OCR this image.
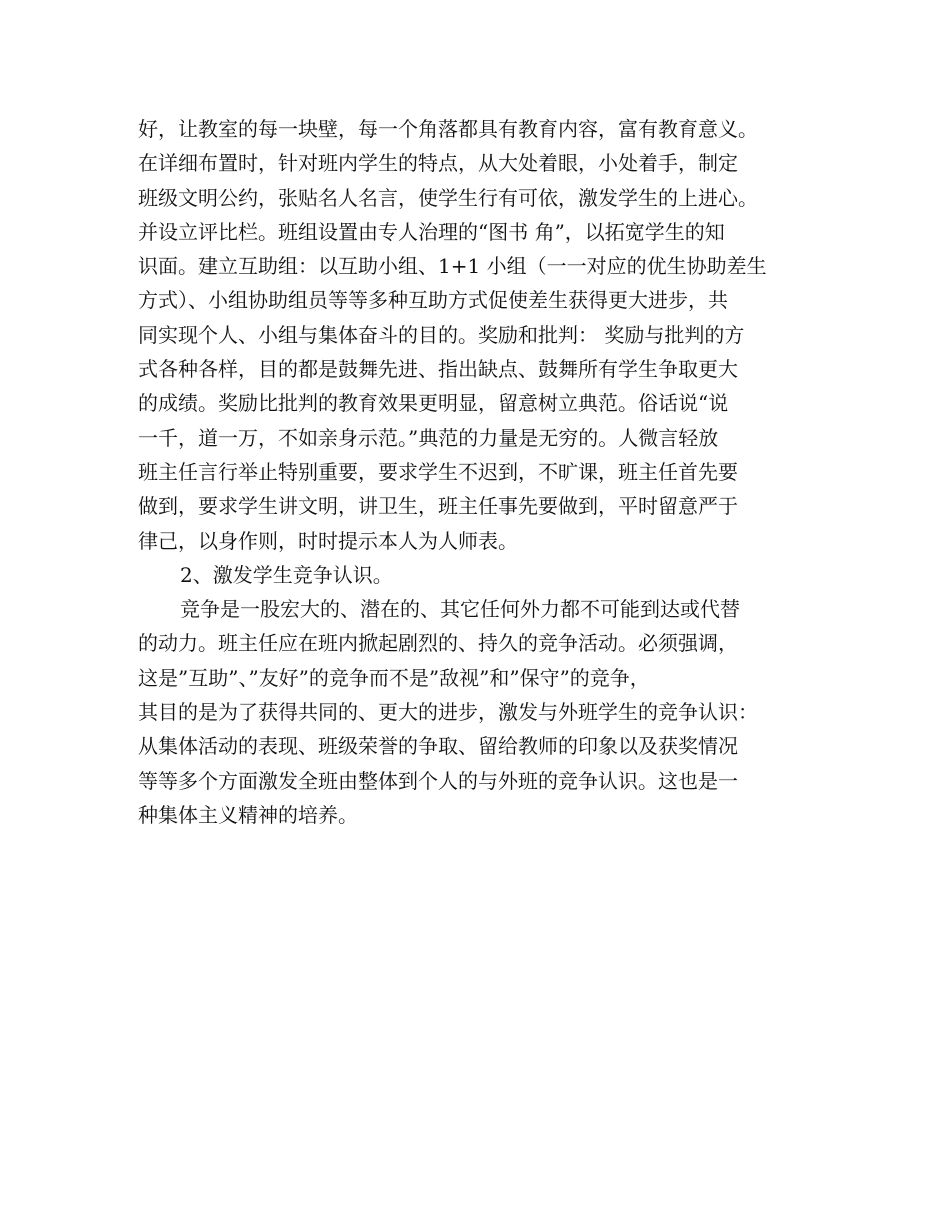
好，让教室的每一块壁，每一个角落都具有教育内容，富有教育意义。
在详细布置时，针对班内学生的特点，从大处着眼，小处着手，制定
班级文明公约，张贴名人名言，使学生行有可依，激发学生的上进心。
并设立评比栏。班组设置由专人治理的“图书 角”，以拓宽学生的知
识面。建立互助组：以互助小组、1+1 小组（一一对应的优生协助差生
方式）、小组协助组员等等多种互助方式促使差生获得更大进步，共
同实现个人、小组与集体奋斗的目的。奖励和批判： 奖励与批判的方
式各种各样，目的都是鼓舞先进、指出缺点、鼓舞所有学生争取更大
的成绩。奖励比批判的教育效果更明显，留意树立典范。俗话说“说
一千，道一万，不如亲身示范。”典范的力量是无穷的。人微言轻放
班主任言行举止特别重要，要求学生不迟到，不旷课，班主任首先要
做到，要求学生讲文明，讲卫生，班主任事先要做到，平时留意严于
律己，以身作则，时时提示本人为人师表。
2、激发学生竞争认识。
竞争是一股宏大的、潜在的、其它任何外力都不可能到达或代替
的动力。班主任应在班内掀起剧烈的、持久的竞争活动。必须强调，
这是”互助”、”友好”的竞争而不是”敌视”和”保守”的竞争，
其目的是为了获得共同的、更大的进步，激发与外班学生的竞争认识：
从集体活动的表现、班级荣誉的争取、留给教师的印象以及获奖情况
等等多个方面激发全班由整体到个人的与外班的竞争认识。这也是一
种集体主义精神的培养。
